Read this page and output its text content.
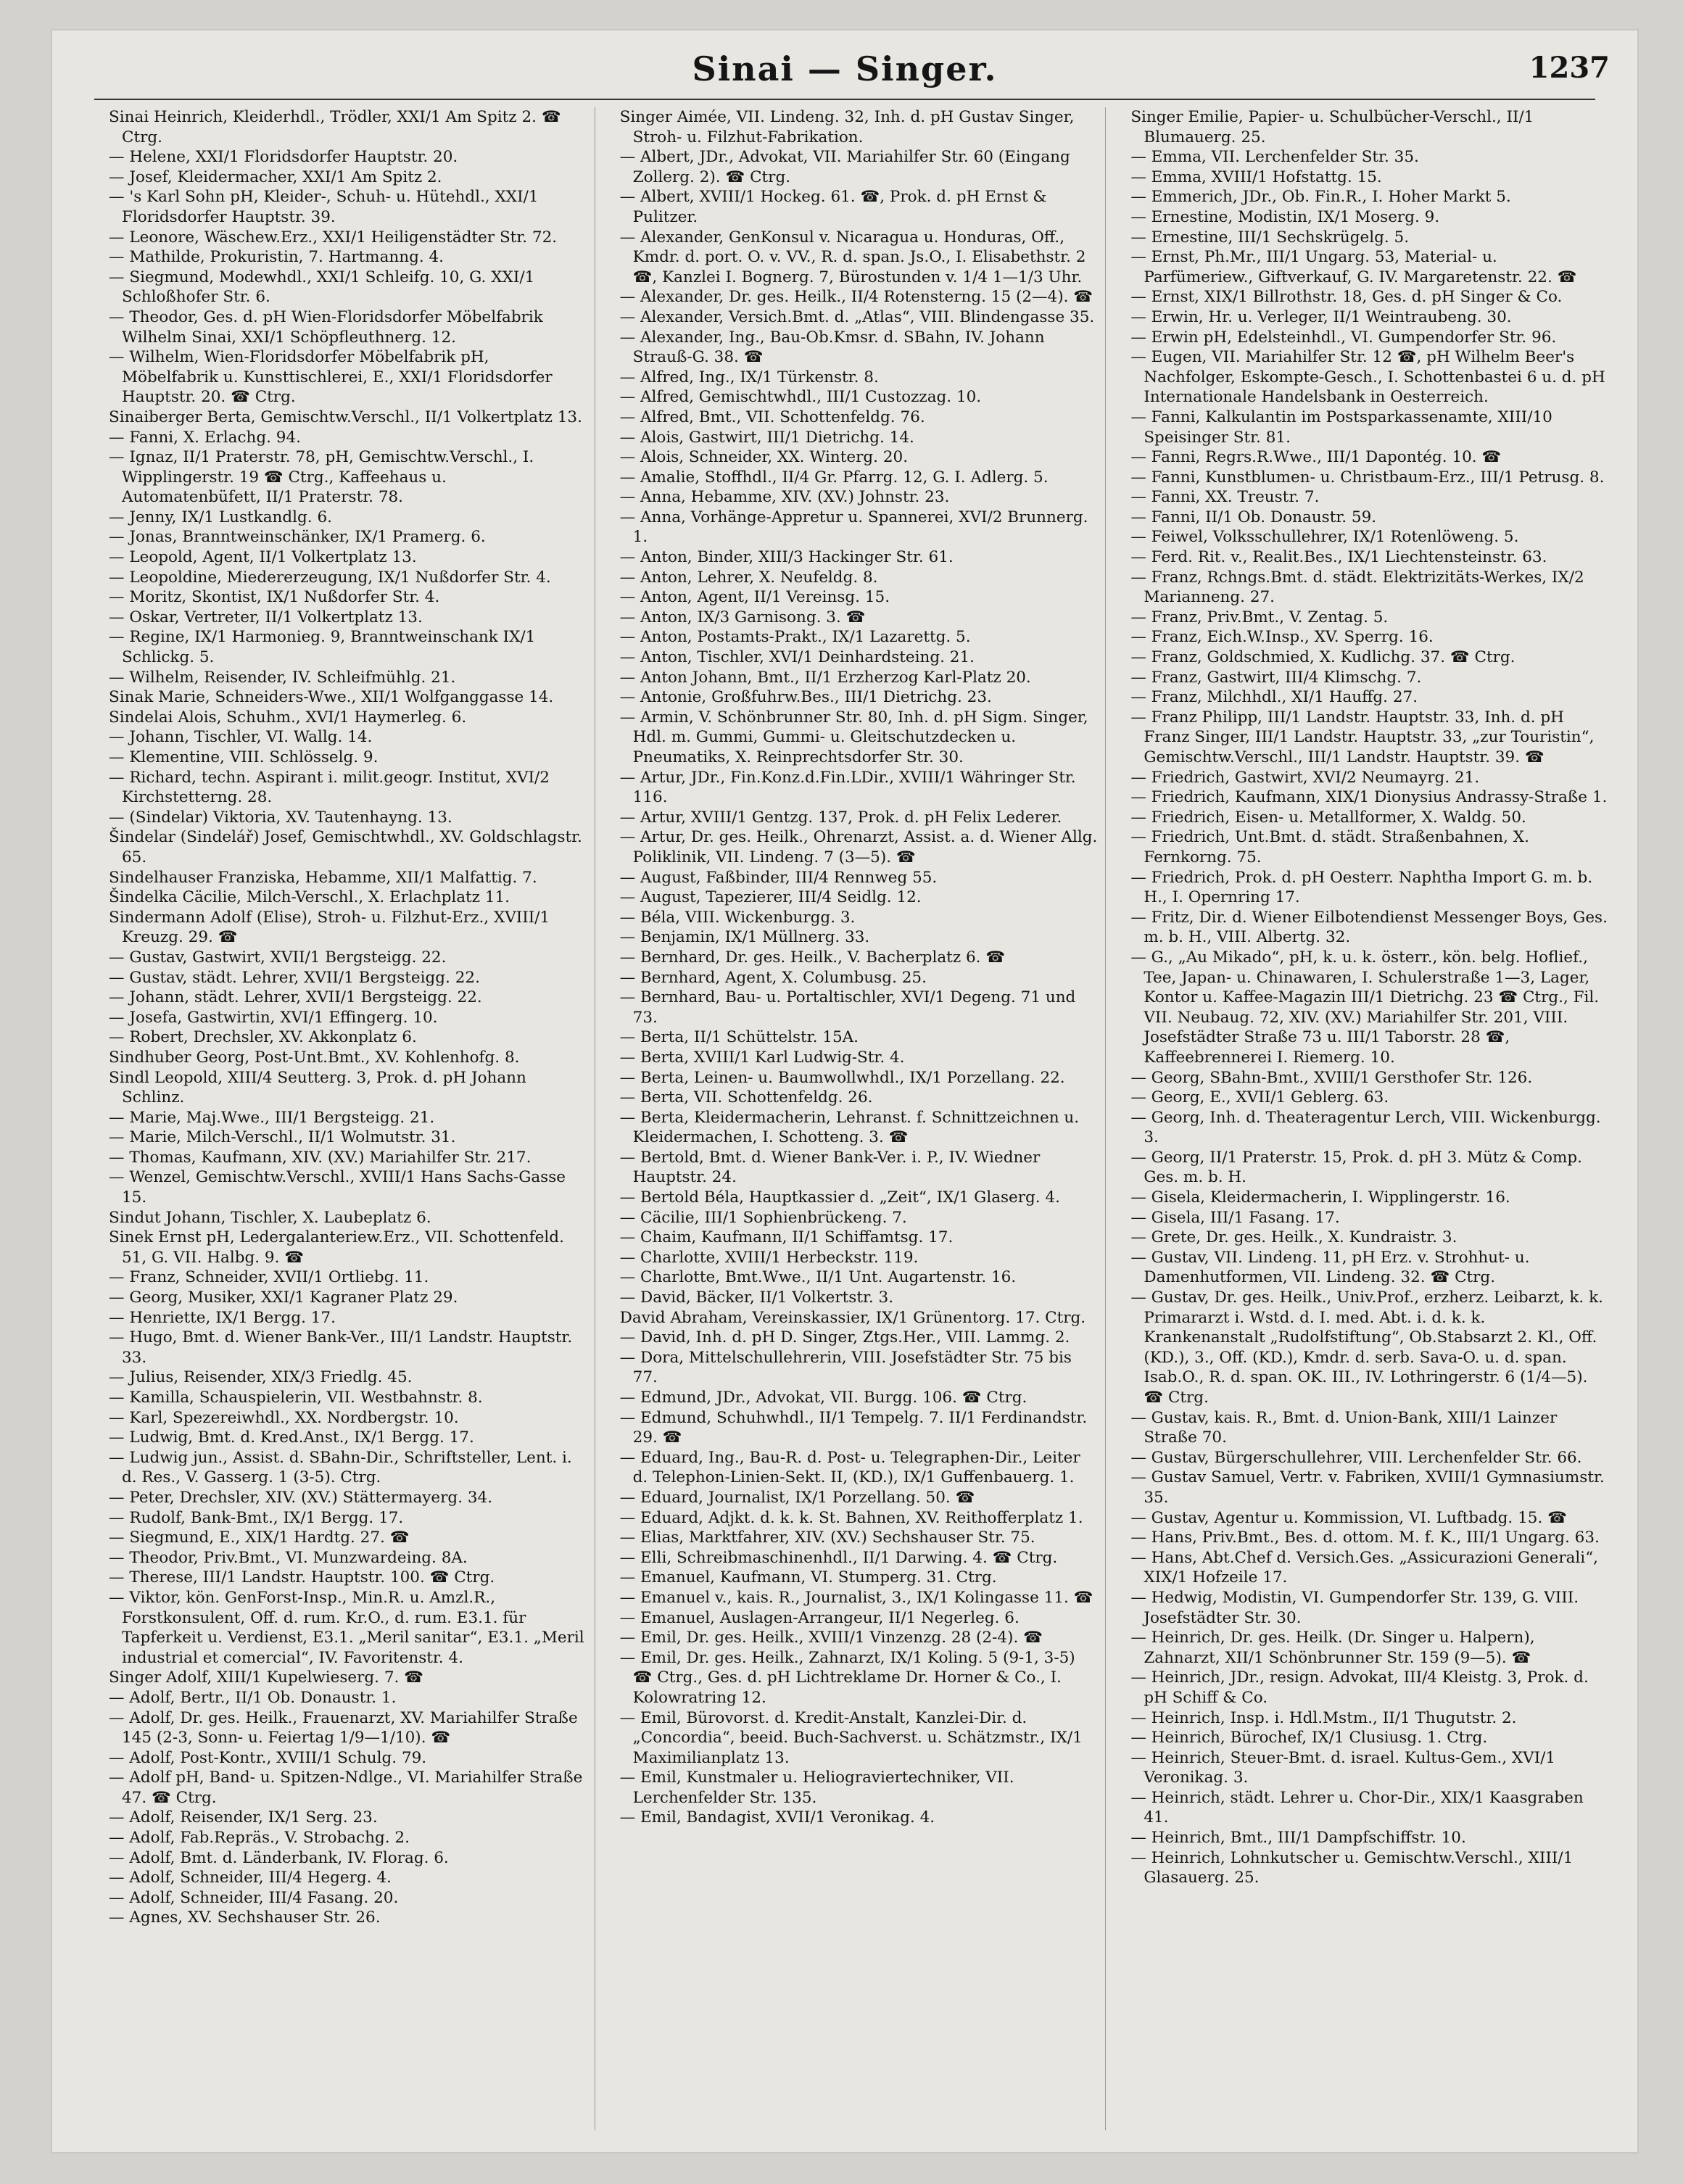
Sinai — Singer.	1237

Sinai Heinrich, Kleiderhdl., Trödler, XXI/1 Am Spitz 2. ☎ Ctrg.

— Helene, XXI/1 Floridsdorfer Hauptstr. 20.

— Josef, Kleidermacher, XXI/1 Am Spitz 2.

— 's Karl Sohn pH, Kleider-, Schuh- u. Hütehdl., XXI/1 Floridsdorfer Hauptstr. 39.

— Leonore, Wäschew.Erz., XXI/1 Heiligenstädter Str. 72.

— Mathilde, Prokuristin, 7. Hartmanng. 4.

— Siegmund, Modewhdl., XXI/1 Schleifg. 10, G. XXI/1 Schloßhofer Str. 6.

— Theodor, Ges. d. pH Wien-Floridsdorfer Möbelfabrik Wilhelm Sinai, XXI/1 Schöpfleuthnerg. 12.

— Wilhelm, Wien-Floridsdorfer Möbelfabrik pH, Möbelfabrik u. Kunsttischlerei, E., XXI/1 Floridsdorfer Hauptstr. 20. ☎ Ctrg.

Sinaiberger Berta, Gemischtw.Verschl., II/1 Volkertplatz 13.

— Fanni, X. Erlachg. 94.

— Ignaz, II/1 Praterstr. 78, pH, Gemischtw.Verschl., I. Wipplingerstr. 19 ☎ Ctrg., Kaffeehaus u. Automatenbüfett, II/1 Praterstr. 78.

— Jenny, IX/1 Lustkandlg. 6.

— Jonas, Branntweinschänker, IX/1 Pramerg. 6.

— Leopold, Agent, II/1 Volkertplatz 13.

— Leopoldine, Miedererzeugung, IX/1 Nußdorfer Str. 4.

— Moritz, Skontist, IX/1 Nußdorfer Str. 4.

— Oskar, Vertreter, II/1 Volkertplatz 13.

— Regine, IX/1 Harmonieg. 9, Branntweinschank IX/1 Schlickg. 5.

— Wilhelm, Reisender, IV. Schleifmühlg. 21.

Sinak Marie, Schneiders-Wwe., XII/1 Wolfganggasse 14.

Sindelai Alois, Schuhm., XVI/1 Haymerleg. 6.

— Johann, Tischler, VI. Wallg. 14.

— Klementine, VIII. Schlösselg. 9.

— Richard, techn. Aspirant i. milit.geogr. Institut, XVI/2 Kirchstetterng. 28.

— (Sindelar) Viktoria, XV. Tautenhayng. 13.

Šindelar (Sindelář) Josef, Gemischtwhdl., XV. Goldschlagstr. 65.

Sindelhauser Franziska, Hebamme, XII/1 Malfattig. 7.

Šindelka Cäcilie, Milch-Verschl., X. Erlachplatz 11.

Sindermann Adolf (Elise), Stroh- u. Filzhut-Erz., XVIII/1 Kreuzg. 29. ☎

— Gustav, Gastwirt, XVII/1 Bergsteigg. 22.

— Gustav, städt. Lehrer, XVII/1 Bergsteigg. 22.

— Johann, städt. Lehrer, XVII/1 Bergsteigg. 22.

— Josefa, Gastwirtin, XVI/1 Effingerg. 10.

— Robert, Drechsler, XV. Akkonplatz 6.

Sindhuber Georg, Post-Unt.Bmt., XV. Kohlenhofg. 8.

Sindl Leopold, XIII/4 Seutterg. 3, Prok. d. pH Johann Schlinz.

— Marie, Maj.Wwe., III/1 Bergsteigg. 21.

— Marie, Milch-Verschl., II/1 Wolmutstr. 31.

— Thomas, Kaufmann, XIV. (XV.) Mariahilfer Str. 217.

— Wenzel, Gemischtw.Verschl., XVIII/1 Hans Sachs-Gasse 15.

Sindut Johann, Tischler, X. Laubeplatz 6.

Sinek Ernst pH, Ledergalanteriew.Erz., VII. Schottenfeld. 51, G. VII. Halbg. 9. ☎

— Franz, Schneider, XVII/1 Ortliebg. 11.

— Georg, Musiker, XXI/1 Kagraner Platz 29.

— Henriette, IX/1 Bergg. 17.

— Hugo, Bmt. d. Wiener Bank-Ver., III/1 Landstr. Hauptstr. 33.

— Julius, Reisender, XIX/3 Friedlg. 45.

— Kamilla, Schauspielerin, VII. Westbahnstr. 8.

— Karl, Spezereiwhdl., XX. Nordbergstr. 10.

— Ludwig, Bmt. d. Kred.Anst., IX/1 Bergg. 17.

— Ludwig jun., Assist. d. SBahn-Dir., Schriftsteller, Lent. i. d. Res., V. Gasserg. 1 (3-5). Ctrg.

— Peter, Drechsler, XIV. (XV.) Stättermayerg. 34.

— Rudolf, Bank-Bmt., IX/1 Bergg. 17.

— Siegmund, E., XIX/1 Hardtg. 27. ☎

— Theodor, Priv.Bmt., VI. Munzwardeing. 8A.

— Therese, III/1 Landstr. Hauptstr. 100. ☎ Ctrg.

— Viktor, kön. GenForst-Insp., Min.R. u. Amzl.R., Forstkonsulent, Off. d. rum. Kr.O., d. rum. E3.1. für Tapferkeit u. Verdienst, E3.1. „Meril sanitar“, E3.1. „Meril industrial et comercial“, IV. Favoritenstr. 4.

Singer Adolf, XIII/1 Kupelwieserg. 7. ☎

— Adolf, Bertr., II/1 Ob. Donaustr. 1.

— Adolf, Dr. ges. Heilk., Frauenarzt, XV. Mariahilfer Straße 145 (2-3, Sonn- u. Feiertag 1/9—1/10). ☎

— Adolf, Post-Kontr., XVIII/1 Schulg. 79.

— Adolf pH, Band- u. Spitzen-Ndlge., VI. Mariahilfer Straße 47. ☎ Ctrg.

— Adolf, Reisender, IX/1 Serg. 23.

— Adolf, Fab.Repräs., V. Strobachg. 2.

— Adolf, Bmt. d. Länderbank, IV. Florag. 6.

— Adolf, Schneider, III/4 Hegerg. 4.

— Adolf, Schneider, III/4 Fasang. 20.

— Agnes, XV. Sechshauser Str. 26.

Singer Aimée, VII. Lindeng. 32, Inh. d. pH Gustav Singer, Stroh- u. Filzhut-Fabrikation.

— Albert, JDr., Advokat, VII. Mariahilfer Str. 60 (Eingang Zollerg. 2). ☎ Ctrg.

— Albert, XVIII/1 Hockeg. 61. ☎, Prok. d. pH Ernst & Pulitzer.

— Alexander, GenKonsul v. Nicaragua u. Honduras, Off., Kmdr. d. port. O. v. VV., R. d. span. Js.O., I. Elisabethstr. 2 ☎, Kanzlei I. Bognerg. 7, Bürostunden v. 1/4 1—1/3 Uhr.

— Alexander, Dr. ges. Heilk., II/4 Rotensterng. 15 (2—4). ☎

— Alexander, Versich.Bmt. d. „Atlas“, VIII. Blindengasse 35.

— Alexander, Ing., Bau-Ob.Kmsr. d. SBahn, IV. Johann Strauß-G. 38. ☎

— Alfred, Ing., IX/1 Türkenstr. 8.

— Alfred, Gemischtwhdl., III/1 Custozzag. 10.

— Alfred, Bmt., VII. Schottenfeldg. 76.

— Alois, Gastwirt, III/1 Dietrichg. 14.

— Alois, Schneider, XX. Winterg. 20.

— Amalie, Stoffhdl., II/4 Gr. Pfarrg. 12, G. I. Adlerg. 5.

— Anna, Hebamme, XIV. (XV.) Johnstr. 23.

— Anna, Vorhänge-Appretur u. Spannerei, XVI/2 Brunnerg. 1.

— Anton, Binder, XIII/3 Hackinger Str. 61.

— Anton, Lehrer, X. Neufeldg. 8.

— Anton, Agent, II/1 Vereinsg. 15.

— Anton, IX/3 Garnisong. 3. ☎

— Anton, Postamts-Prakt., IX/1 Lazarettg. 5.

— Anton, Tischler, XVI/1 Deinhardsteing. 21.

— Anton Johann, Bmt., II/1 Erzherzog Karl-Platz 20.

— Antonie, Großfuhrw.Bes., III/1 Dietrichg. 23.

— Armin, V. Schönbrunner Str. 80, Inh. d. pH Sigm. Singer, Hdl. m. Gummi, Gummi- u. Gleitschutzdecken u. Pneumatiks, X. Reinprechtsdorfer Str. 30.

— Artur, JDr., Fin.Konz.d.Fin.LDir., XVIII/1 Währinger Str. 116.

— Artur, XVIII/1 Gentzg. 137, Prok. d. pH Felix Lederer.

— Artur, Dr. ges. Heilk., Ohrenarzt, Assist. a. d. Wiener Allg. Poliklinik, VII. Lindeng. 7 (3—5). ☎

— August, Faßbinder, III/4 Rennweg 55.

— August, Tapezierer, III/4 Seidlg. 12.

— Béla, VIII. Wickenburgg. 3.

— Benjamin, IX/1 Müllnerg. 33.

— Bernhard, Dr. ges. Heilk., V. Bacherplatz 6. ☎

— Bernhard, Agent, X. Columbusg. 25.

— Bernhard, Bau- u. Portaltischler, XVI/1 Degeng. 71 und 73.

— Berta, II/1 Schüttelstr. 15A.

— Berta, XVIII/1 Karl Ludwig-Str. 4.

— Berta, Leinen- u. Baumwollwhdl., IX/1 Porzellang. 22.

— Berta, VII. Schottenfeldg. 26.

— Berta, Kleidermacherin, Lehranst. f. Schnittzeichnen u. Kleidermachen, I. Schotteng. 3. ☎

— Bertold, Bmt. d. Wiener Bank-Ver. i. P., IV. Wiedner Hauptstr. 24.

— Bertold Béla, Hauptkassier d. „Zeit“, IX/1 Glaserg. 4.

— Cäcilie, III/1 Sophienbrückeng. 7.

— Chaim, Kaufmann, II/1 Schiffamtsg. 17.

— Charlotte, XVIII/1 Herbeckstr. 119.

— Charlotte, Bmt.Wwe., II/1 Unt. Augartenstr. 16.

— David, Bäcker, II/1 Volkertstr. 3.

David Abraham, Vereinskassier, IX/1 Grünentorg. 17. Ctrg.

— David, Inh. d. pH D. Singer, Ztgs.Her., VIII. Lammg. 2.

— Dora, Mittelschullehrerin, VIII. Josefstädter Str. 75 bis 77.

— Edmund, JDr., Advokat, VII. Burgg. 106. ☎ Ctrg.

— Edmund, Schuhwhdl., II/1 Tempelg. 7. II/1 Ferdinandstr. 29. ☎

— Eduard, Ing., Bau-R. d. Post- u. Telegraphen-Dir., Leiter d. Telephon-Linien-Sekt. II, (KD.), IX/1 Guffenbauerg. 1.

— Eduard, Journalist, IX/1 Porzellang. 50. ☎

— Eduard, Adjkt. d. k. k. St. Bahnen, XV. Reithofferplatz 1.

— Elias, Marktfahrer, XIV. (XV.) Sechshauser Str. 75.

— Elli, Schreibmaschinenhdl., II/1 Darwing. 4. ☎ Ctrg.

— Emanuel, Kaufmann, VI. Stumperg. 31. Ctrg.

— Emanuel v., kais. R., Journalist, 3., IX/1 Kolingasse 11. ☎

— Emanuel, Auslagen-Arrangeur, II/1 Negerleg. 6.

— Emil, Dr. ges. Heilk., XVIII/1 Vinzenzg. 28 (2-4). ☎

— Emil, Dr. ges. Heilk., Zahnarzt, IX/1 Koling. 5 (9-1, 3-5) ☎ Ctrg., Ges. d. pH Lichtreklame Dr. Horner & Co., I. Kolowratring 12.

— Emil, Bürovorst. d. Kredit-Anstalt, Kanzlei-Dir. d. „Concordia“, beeid. Buch-Sachverst. u. Schätzmstr., IX/1 Maximilianplatz 13.

— Emil, Kunstmaler u. Heliograviertechniker, VII. Lerchenfelder Str. 135.

— Emil, Bandagist, XVII/1 Veronikag. 4.

Singer Emilie, Papier- u. Schulbücher-Verschl., II/1 Blumauerg. 25.

— Emma, VII. Lerchenfelder Str. 35.

— Emma, XVIII/1 Hofstattg. 15.

— Emmerich, JDr., Ob. Fin.R., I. Hoher Markt 5.

— Ernestine, Modistin, IX/1 Moserg. 9.

— Ernestine, III/1 Sechskrügelg. 5.

— Ernst, Ph.Mr., III/1 Ungarg. 53, Material- u. Parfümeriew., Giftverkauf, G. IV. Margaretenstr. 22. ☎

— Ernst, XIX/1 Billrothstr. 18, Ges. d. pH Singer & Co.

— Erwin, Hr. u. Verleger, II/1 Weintraubeng. 30.

— Erwin pH, Edelsteinhdl., VI. Gumpendorfer Str. 96.

— Eugen, VII. Mariahilfer Str. 12 ☎, pH Wilhelm Beer's Nachfolger, Eskompte-Gesch., I. Schottenbastei 6 u. d. pH Internationale Handelsbank in Oesterreich.

— Fanni, Kalkulantin im Postsparkassenamte, XIII/10 Speisinger Str. 81.

— Fanni, Regrs.R.Wwe., III/1 Dapontég. 10. ☎

— Fanni, Kunstblumen- u. Christbaum-Erz., III/1 Petrusg. 8.

— Fanni, XX. Treustr. 7.

— Fanni, II/1 Ob. Donaustr. 59.

— Feiwel, Volksschullehrer, IX/1 Rotenlöweng. 5.

— Ferd. Rit. v., Realit.Bes., IX/1 Liechtensteinstr. 63.

— Franz, Rchngs.Bmt. d. städt. Elektrizitäts-Werkes, IX/2 Marianneng. 27.

— Franz, Priv.Bmt., V. Zentag. 5.

— Franz, Eich.W.Insp., XV. Sperrg. 16.

— Franz, Goldschmied, X. Kudlichg. 37. ☎ Ctrg.

— Franz, Gastwirt, III/4 Klimschg. 7.

— Franz, Milchhdl., XI/1 Hauffg. 27.

— Franz Philipp, III/1 Landstr. Hauptstr. 33, Inh. d. pH Franz Singer, III/1 Landstr. Hauptstr. 33, „zur Touristin“, Gemischtw.Verschl., III/1 Landstr. Hauptstr. 39. ☎

— Friedrich, Gastwirt, XVI/2 Neumayrg. 21.

— Friedrich, Kaufmann, XIX/1 Dionysius Andrassy-Straße 1.

— Friedrich, Eisen- u. Metallformer, X. Waldg. 50.

— Friedrich, Unt.Bmt. d. städt. Straßenbahnen, X. Fernkorng. 75.

— Friedrich, Prok. d. pH Oesterr. Naphtha Import G. m. b. H., I. Opernring 17.

— Fritz, Dir. d. Wiener Eilbotendienst Messenger Boys, Ges. m. b. H., VIII. Albertg. 32.

— G., „Au Mikado“, pH, k. u. k. österr., kön. belg. Hoflief., Tee, Japan- u. Chinawaren, I. Schulerstraße 1—3, Lager, Kontor u. Kaffee-Magazin III/1 Dietrichg. 23 ☎ Ctrg., Fil. VII. Neubaug. 72, XIV. (XV.) Mariahilfer Str. 201, VIII. Josefstädter Straße 73 u. III/1 Taborstr. 28 ☎, Kaffeebrennerei I. Riemerg. 10.

— Georg, SBahn-Bmt., XVIII/1 Gersthofer Str. 126.

— Georg, E., XVII/1 Geblerg. 63.

— Georg, Inh. d. Theateragentur Lerch, VIII. Wickenburgg. 3.

— Georg, II/1 Praterstr. 15, Prok. d. pH 3. Mütz & Comp. Ges. m. b. H.

— Gisela, Kleidermacherin, I. Wipplingerstr. 16.

— Gisela, III/1 Fasang. 17.

— Grete, Dr. ges. Heilk., X. Kundraistr. 3.

— Gustav, VII. Lindeng. 11, pH Erz. v. Strohhut- u. Damenhutformen, VII. Lindeng. 32. ☎ Ctrg.

— Gustav, Dr. ges. Heilk., Univ.Prof., erzherz. Leibarzt, k. k. Primararzt i. Wstd. d. I. med. Abt. i. d. k. k. Krankenanstalt „Rudolfstiftung“, Ob.Stabsarzt 2. Kl., Off. (KD.), 3., Off. (KD.), Kmdr. d. serb. Sava-O. u. d. span. Isab.O., R. d. span. OK. III., IV. Lothringerstr. 6 (1/4—5). ☎ Ctrg.

— Gustav, kais. R., Bmt. d. Union-Bank, XIII/1 Lainzer Straße 70.

— Gustav, Bürgerschullehrer, VIII. Lerchenfelder Str. 66.

— Gustav Samuel, Vertr. v. Fabriken, XVIII/1 Gymnasiumstr. 35.

— Gustav, Agentur u. Kommission, VI. Luftbadg. 15. ☎

— Hans, Priv.Bmt., Bes. d. ottom. M. f. K., III/1 Ungarg. 63.

— Hans, Abt.Chef d. Versich.Ges. „Assicurazioni Generali“, XIX/1 Hofzeile 17.

— Hedwig, Modistin, VI. Gumpendorfer Str. 139, G. VIII. Josefstädter Str. 30.

— Heinrich, Dr. ges. Heilk. (Dr. Singer u. Halpern), Zahnarzt, XII/1 Schönbrunner Str. 159 (9—5). ☎

— Heinrich, JDr., resign. Advokat, III/4 Kleistg. 3, Prok. d. pH Schiff & Co.

— Heinrich, Insp. i. Hdl.Mstm., II/1 Thugutstr. 2.

— Heinrich, Bürochef, IX/1 Clusiusg. 1. Ctrg.

— Heinrich, Steuer-Bmt. d. israel. Kultus-Gem., XVI/1 Veronikag. 3.

— Heinrich, städt. Lehrer u. Chor-Dir., XIX/1 Kaasgraben 41.

— Heinrich, Bmt., III/1 Dampfschiffstr. 10.

— Heinrich, Lohnkutscher u. Gemischtw.Verschl., XIII/1 Glasauerg. 25.
